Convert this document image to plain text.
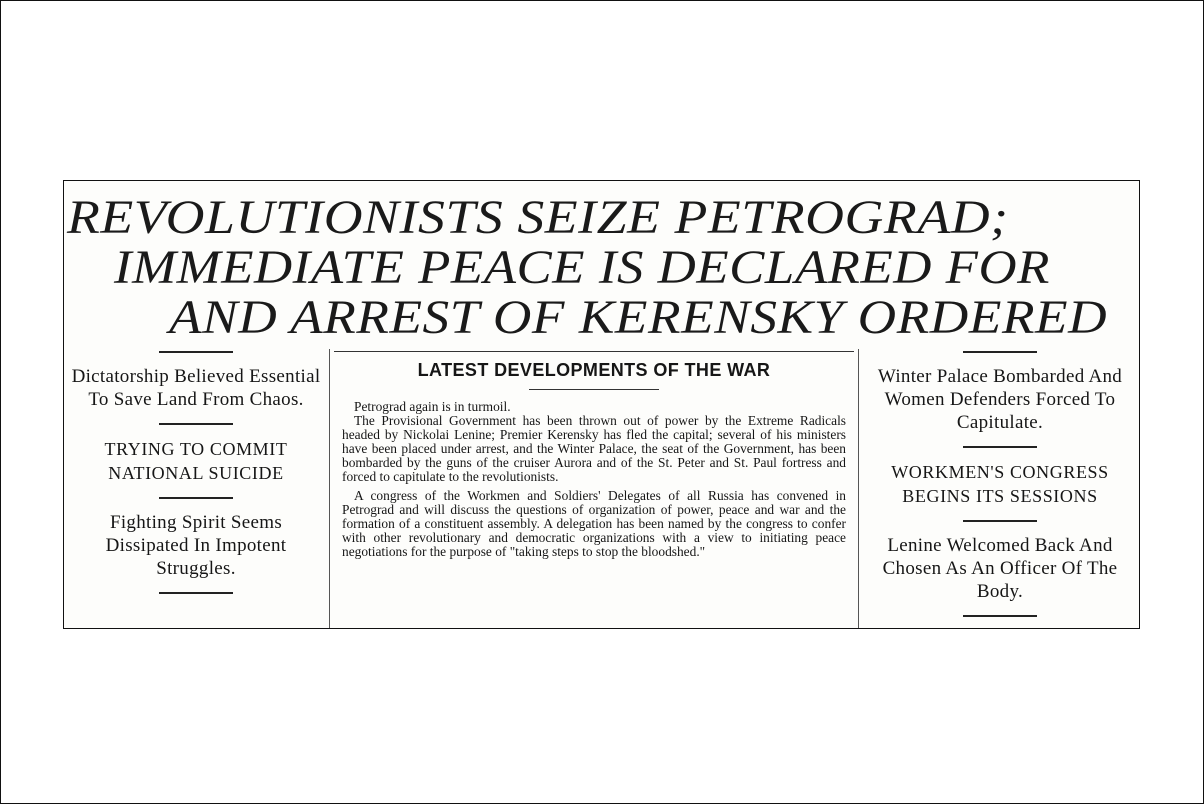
REVOLUTIONISTS SEIZE PETROGRAD;
IMMEDIATE PEACE IS DECLARED FOR
AND ARREST OF KERENSKY ORDERED

Dictatorship Believed Essential To Save Land From Chaos.

TRYING TO COMMIT NATIONAL SUICIDE

Fighting Spirit Seems Dissipated In Impotent Struggles.

LATEST DEVELOPMENTS OF THE WAR

Petrograd again is in turmoil.

The Provisional Government has been thrown out of power by the Extreme Radicals headed by Nickolai Lenine; Premier Kerensky has fled the capital; several of his ministers have been placed under arrest, and the Winter Palace, the seat of the Government, has been bombarded by the guns of the cruiser Aurora and of the St. Peter and St. Paul fortress and forced to capitulate to the revolutionists.

A congress of the Workmen and Soldiers' Delegates of all Russia has convened in Petrograd and will discuss the questions of organization of power, peace and war and the formation of a constituent assembly. A delegation has been named by the congress to confer with other revolutionary and democratic organizations with a view to initiating peace negotiations for the purpose of "taking steps to stop the bloodshed."

Winter Palace Bombarded And Women Defenders Forced To Capitulate.

WORKMEN'S CONGRESS BEGINS ITS SESSIONS

Lenine Welcomed Back And Chosen As An Officer Of The Body.
